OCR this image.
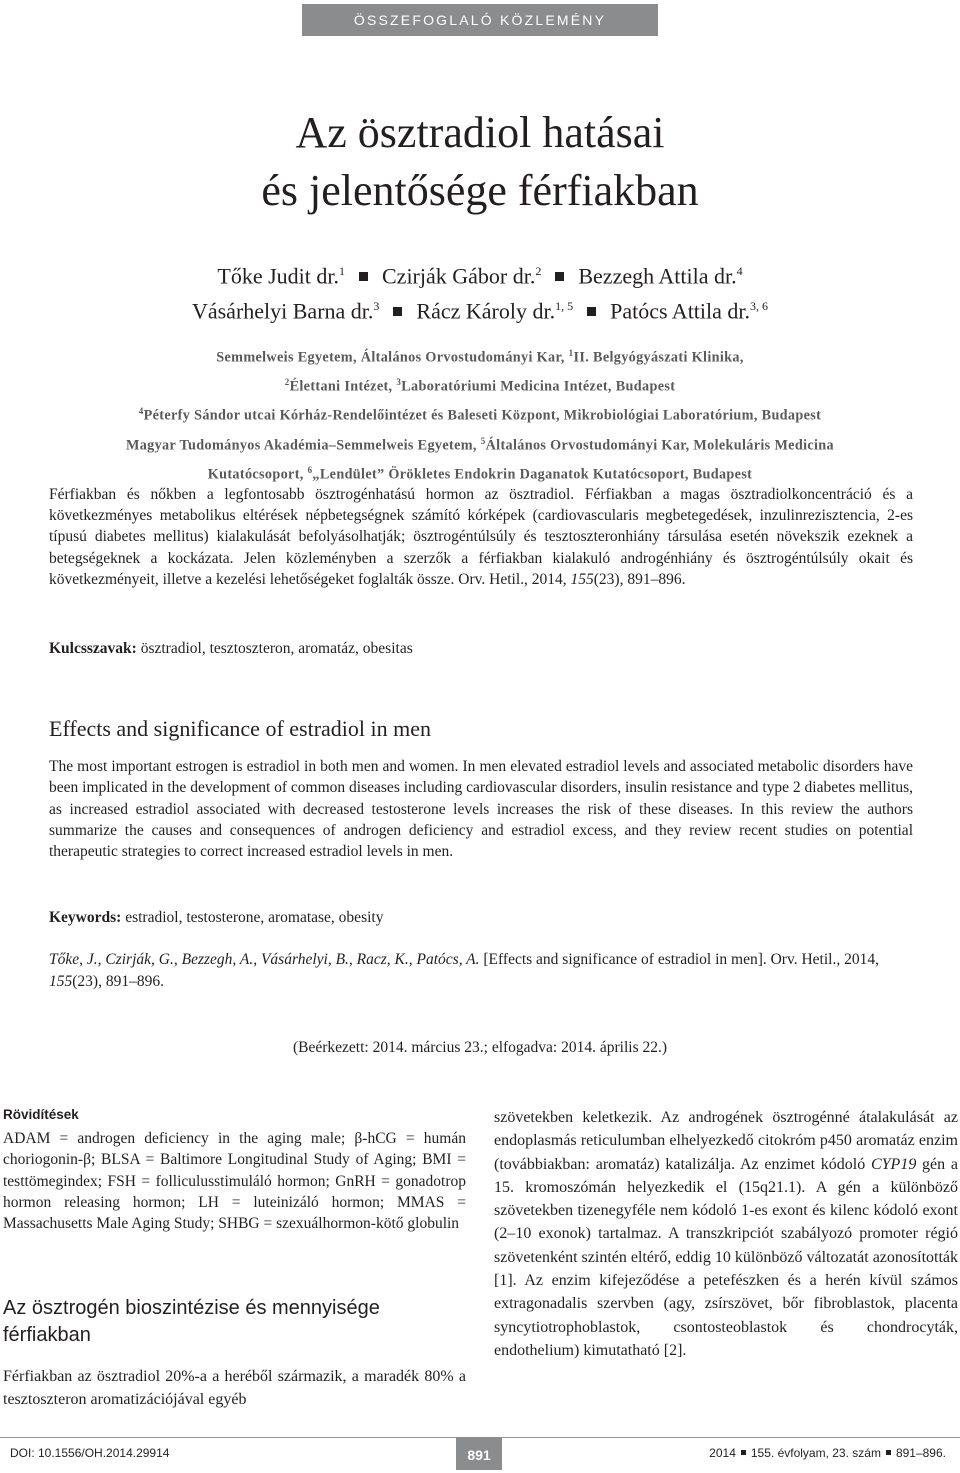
ÖSSZEFOGLALÓ KÖZLEMÉNY
Az ösztradiol hatásai
és jelentősége férfiakban
Tőke Judit dr.$^1$ Czirják Gábor dr.$^2$ Bezzegh Attila dr.$^4$
Vásárhelyi Barna dr.$^3$ Rácz Károly dr.$^{1, 5}$ Patócs Attila dr.$^{3, 6}$
Semmelweis Egyetem, Általános Orvostudományi Kar, $^1$II. Belgyógyászati Klinika,
$^2$Élettani Intézet, $^3$Laboratóriumi Medicina Intézet, Budapest
$^4$Péterfy Sándor utcai Kórház-Rendelőintézet és Baleseti Központ, Mikrobiológiai Laboratórium, Budapest
Magyar Tudományos Akadémia–Semmelweis Egyetem, $^5$Általános Orvostudományi Kar, Molekuláris Medicina
Kutatócsoport, $^6$„Lendület” Örökletes Endokrin Daganatok Kutatócsoport, Budapest
Férfiakban és nőkben a legfontosabb ösztrogénhatású hormon az ösztradiol. Férfiakban a magas ösztradiolkoncentráció és a következményes metabolikus eltérések népbetegségnek számító kórképek (cardiovascularis megbetegedések, inzulinrezisztencia, 2-es típusú diabetes mellitus) kialakulását befolyásolhatják; ösztrogéntúlsúly és tesztoszteronhiány társulása esetén növekszik ezeknek a betegségeknek a kockázata. Jelen közleményben a szerzők a férfiakban kialakuló androgénhiány és ösztrogéntúlsúly okait és következményeit, illetve a kezelési lehetőségeket foglalták össze. Orv. Hetil., 2014, 155(23), 891–896.
Kulcsszavak: ösztradiol, tesztoszteron, aromatáz, obesitas
Effects and significance of estradiol in men
The most important estrogen is estradiol in both men and women. In men elevated estradiol levels and associated metabolic disorders have been implicated in the development of common diseases including cardiovascular disorders, insulin resistance and type 2 diabetes mellitus, as increased estradiol associated with decreased testosterone levels increases the risk of these diseases. In this review the authors summarize the causes and consequences of androgen deficiency and estradiol excess, and they review recent studies on potential therapeutic strategies to correct increased estradiol levels in men.
Keywords: estradiol, testosterone, aromatase, obesity
Tőke, J., Czirják, G., Bezzegh, A., Vásárhelyi, B., Racz, K., Patócs, A. [Effects and significance of estradiol in men]. Orv. Hetil., 2014, 155(23), 891–896.
(Beérkezett: 2014. március 23.; elfogadva: 2014. április 22.)
Rövidítések
ADAM = androgen deficiency in the aging male; β-hCG = humán choriogonin-β; BLSA = Baltimore Longitudinal Study of Aging; BMI = testtömegindex; FSH = folliculusstimuláló hormon; GnRH = gonadotrop hormon releasing hormon; LH = luteinizáló hormon; MMAS = Massachusetts Male Aging Study; SHBG = szexuálhormon-kötő globulin
Az ösztrogén bioszintézise és mennyisége férfiakban
Férfiakban az ösztradiol 20%-a a heréből származik, a maradék 80% a tesztoszteron aromatizációjával egyéb
szövetekben keletkezik. Az androgének ösztrogénné átalakulását az endoplasmás reticulumban elhelyezkedő citokróm p450 aromatáz enzim (továbbiakban: aromatáz) katalizálja. Az enzimet kódoló CYP19 gén a 15. kromoszómán helyezkedik el (15q21.1). A gén a különböző szövetekben tizenegyféle nem kódoló 1-es exont és kilenc kódoló exont (2–10 exonok) tartalmaz. A transzkripciót szabályozó promoter régió szövetenként szintén eltérő, eddig 10 különböző változatát azonosították [1]. Az enzim kifejeződése a petefészken és a herén kívül számos extragonadalis szervben (agy, zsírszövet, bőr fibroblastok, placenta syncytiotrophoblastok, csontosteoblastok és chondrocyták, endothelium) kimutatható [2].
DOI: 10.1556/OH.2014.29914	891	2014 155. évfolyam, 23. szám 891–896.
